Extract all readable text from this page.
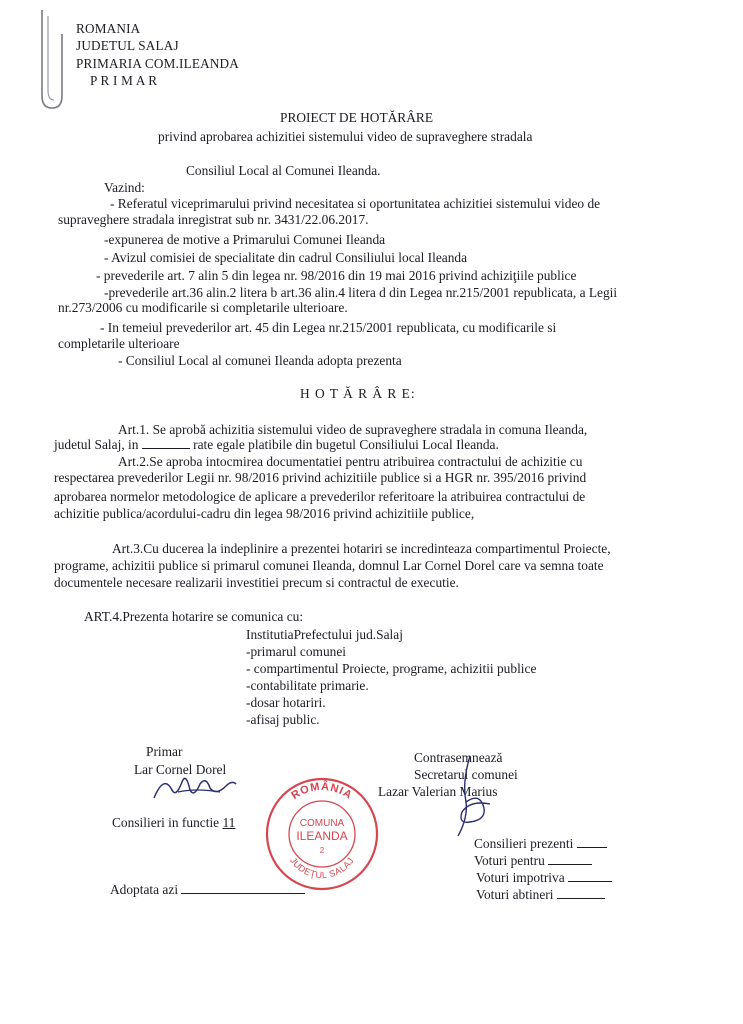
ROMANIA
JUDETUL SALAJ
PRIMARIA COM.ILEANDA
P R I M A R
PROIECT DE HOTĂRÂRE
privind aprobarea achizitiei sistemului video de supraveghere stradala
Consiliul Local al Comunei Ileanda.
Vazind:
- Referatul viceprimarului privind necesitatea si oportunitatea achizitiei sistemului video de
supraveghere stradala inregistrat sub nr. 3431/22.06.2017.
-expunerea de motive a Primarului Comunei Ileanda
- Avizul comisiei de specialitate din cadrul Consiliului local Ileanda
- prevederile art. 7 alin 5 din legea nr. 98/2016 din 19 mai 2016 privind achiziţiile publice
-prevederile art.36 alin.2 litera b art.36 alin.4 litera d din Legea nr.215/2001 republicata, a Legii
nr.273/2006 cu modificarile si completarile ulterioare.
- In temeiul prevederilor art. 45 din Legea nr.215/2001 republicata, cu modificarile si
completarile ulterioare
- Consiliul Local al comunei Ileanda adopta prezenta
H O T Ă R Â R E:
Art.1. Se aprobă achizitia sistemului video de supraveghere stradala in comuna Ileanda,
judetul Salaj, in	rate egale platibile din bugetul Consiliului Local Ileanda.
Art.2.Se aproba intocmirea documentatiei pentru atribuirea contractului de achizitie cu
respectarea prevederilor Legii nr. 98/2016 privind achizitiile publice si a HGR nr. 395/2016 privind
aprobarea normelor metodologice de aplicare a prevederilor referitoare la atribuirea contractului de
achizitie publica/acordului-cadru din legea 98/2016 privind achizitiile publice,
Art.3.Cu ducerea la indeplinire a prezentei hotariri se incredinteaza compartimentul Proiecte,
programe, achizitii publice si primarul comunei Ileanda, domnul Lar Cornel Dorel care va semna toate
documentele necesare realizarii investitiei precum si contractul de executie.
ART.4.Prezenta hotarire se comunica cu:
InstitutiaPrefectului jud.Salaj
-primarul comunei
- compartimentul Proiecte, programe, achizitii publice
-contabilitate primarie.
-dosar hotariri.
-afisaj public.
Primar
Lar Cornel Dorel
Contrasemnează
Secretarul comunei
Lazar Valerian Marius
ROMÂNIA
COMUNA
ILEANDA
2
JUDEŢUL SALAJ
Consilieri in functie 11
Adoptata azi
Consilieri prezenti
Voturi pentru
Voturi impotriva
Voturi abtineri
